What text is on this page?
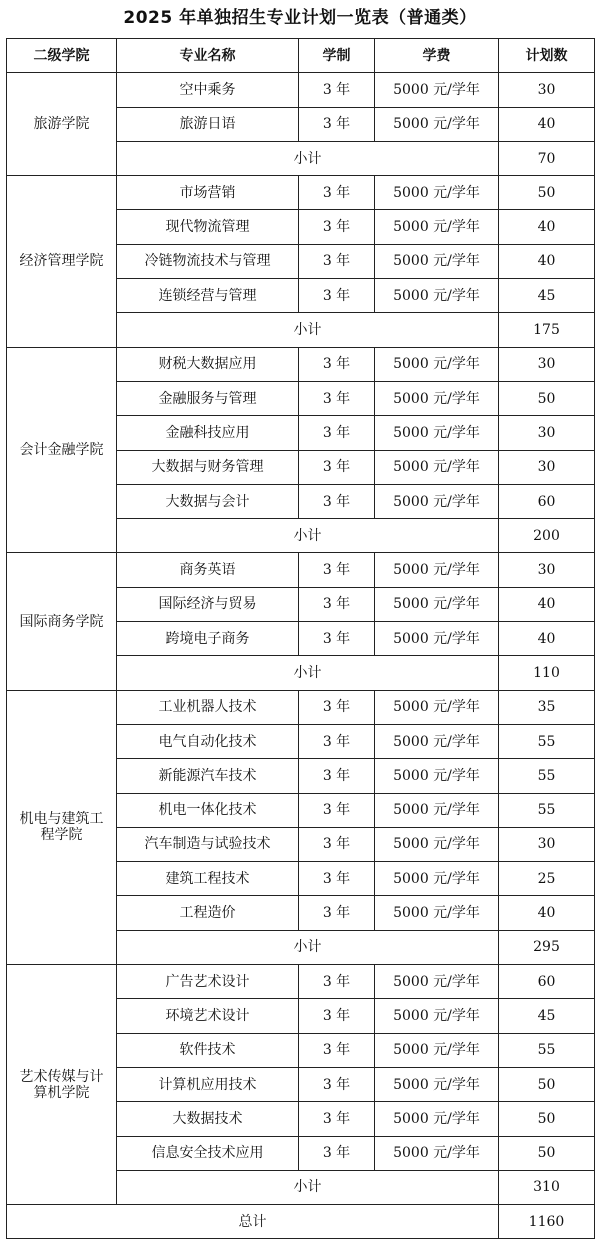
2025 年单独招生专业计划一览表（普通类）
二级学院	专业名称	学制	学费	计划数
旅游学院	空中乘务	3 年	5000 元/学年	30
	旅游日语	3 年	5000 元/学年	40
	小计			70
经济管理学院	市场营销	3 年	5000 元/学年	50
	现代物流管理	3 年	5000 元/学年	40
	冷链物流技术与管理	3 年	5000 元/学年	40
	连锁经营与管理	3 年	5000 元/学年	45
	小计			175
会计金融学院	财税大数据应用	3 年	5000 元/学年	30
	金融服务与管理	3 年	5000 元/学年	50
	金融科技应用	3 年	5000 元/学年	30
	大数据与财务管理	3 年	5000 元/学年	30
	大数据与会计	3 年	5000 元/学年	60
	小计			200
国际商务学院	商务英语	3 年	5000 元/学年	30
	国际经济与贸易	3 年	5000 元/学年	40
	跨境电子商务	3 年	5000 元/学年	40
	小计			110
机电与建筑工程学院	工业机器人技术	3 年	5000 元/学年	35
	电气自动化技术	3 年	5000 元/学年	55
	新能源汽车技术	3 年	5000 元/学年	55
	机电一体化技术	3 年	5000 元/学年	55
	汽车制造与试验技术	3 年	5000 元/学年	30
	建筑工程技术	3 年	5000 元/学年	25
	工程造价	3 年	5000 元/学年	40
	小计			295
艺术传媒与计算机学院	广告艺术设计	3 年	5000 元/学年	60
	环境艺术设计	3 年	5000 元/学年	45
	软件技术	3 年	5000 元/学年	55
	计算机应用技术	3 年	5000 元/学年	50
	大数据技术	3 年	5000 元/学年	50
	信息安全技术应用	3 年	5000 元/学年	50
	小计			310
总计				1160
